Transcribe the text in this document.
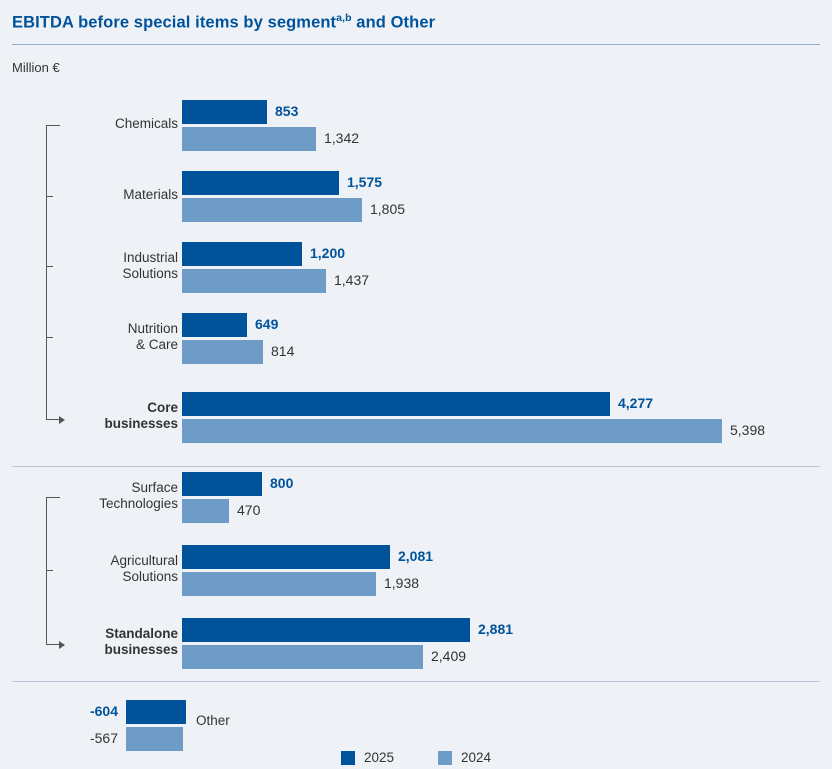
EBITDA before special items by segment$^{a,b}$ and Other
Million €
Chemicals
853
1,342
Materials
1,575
1,805
Industrial
Solutions
1,200
1,437
Nutrition
& Care
649
814
Core
businesses
4,277
5,398
Surface
Technologies
800
470
Agricultural
Solutions
2,081
1,938
Standalone
businesses
2,881
2,409
-604
-567
Other
2025	2024
